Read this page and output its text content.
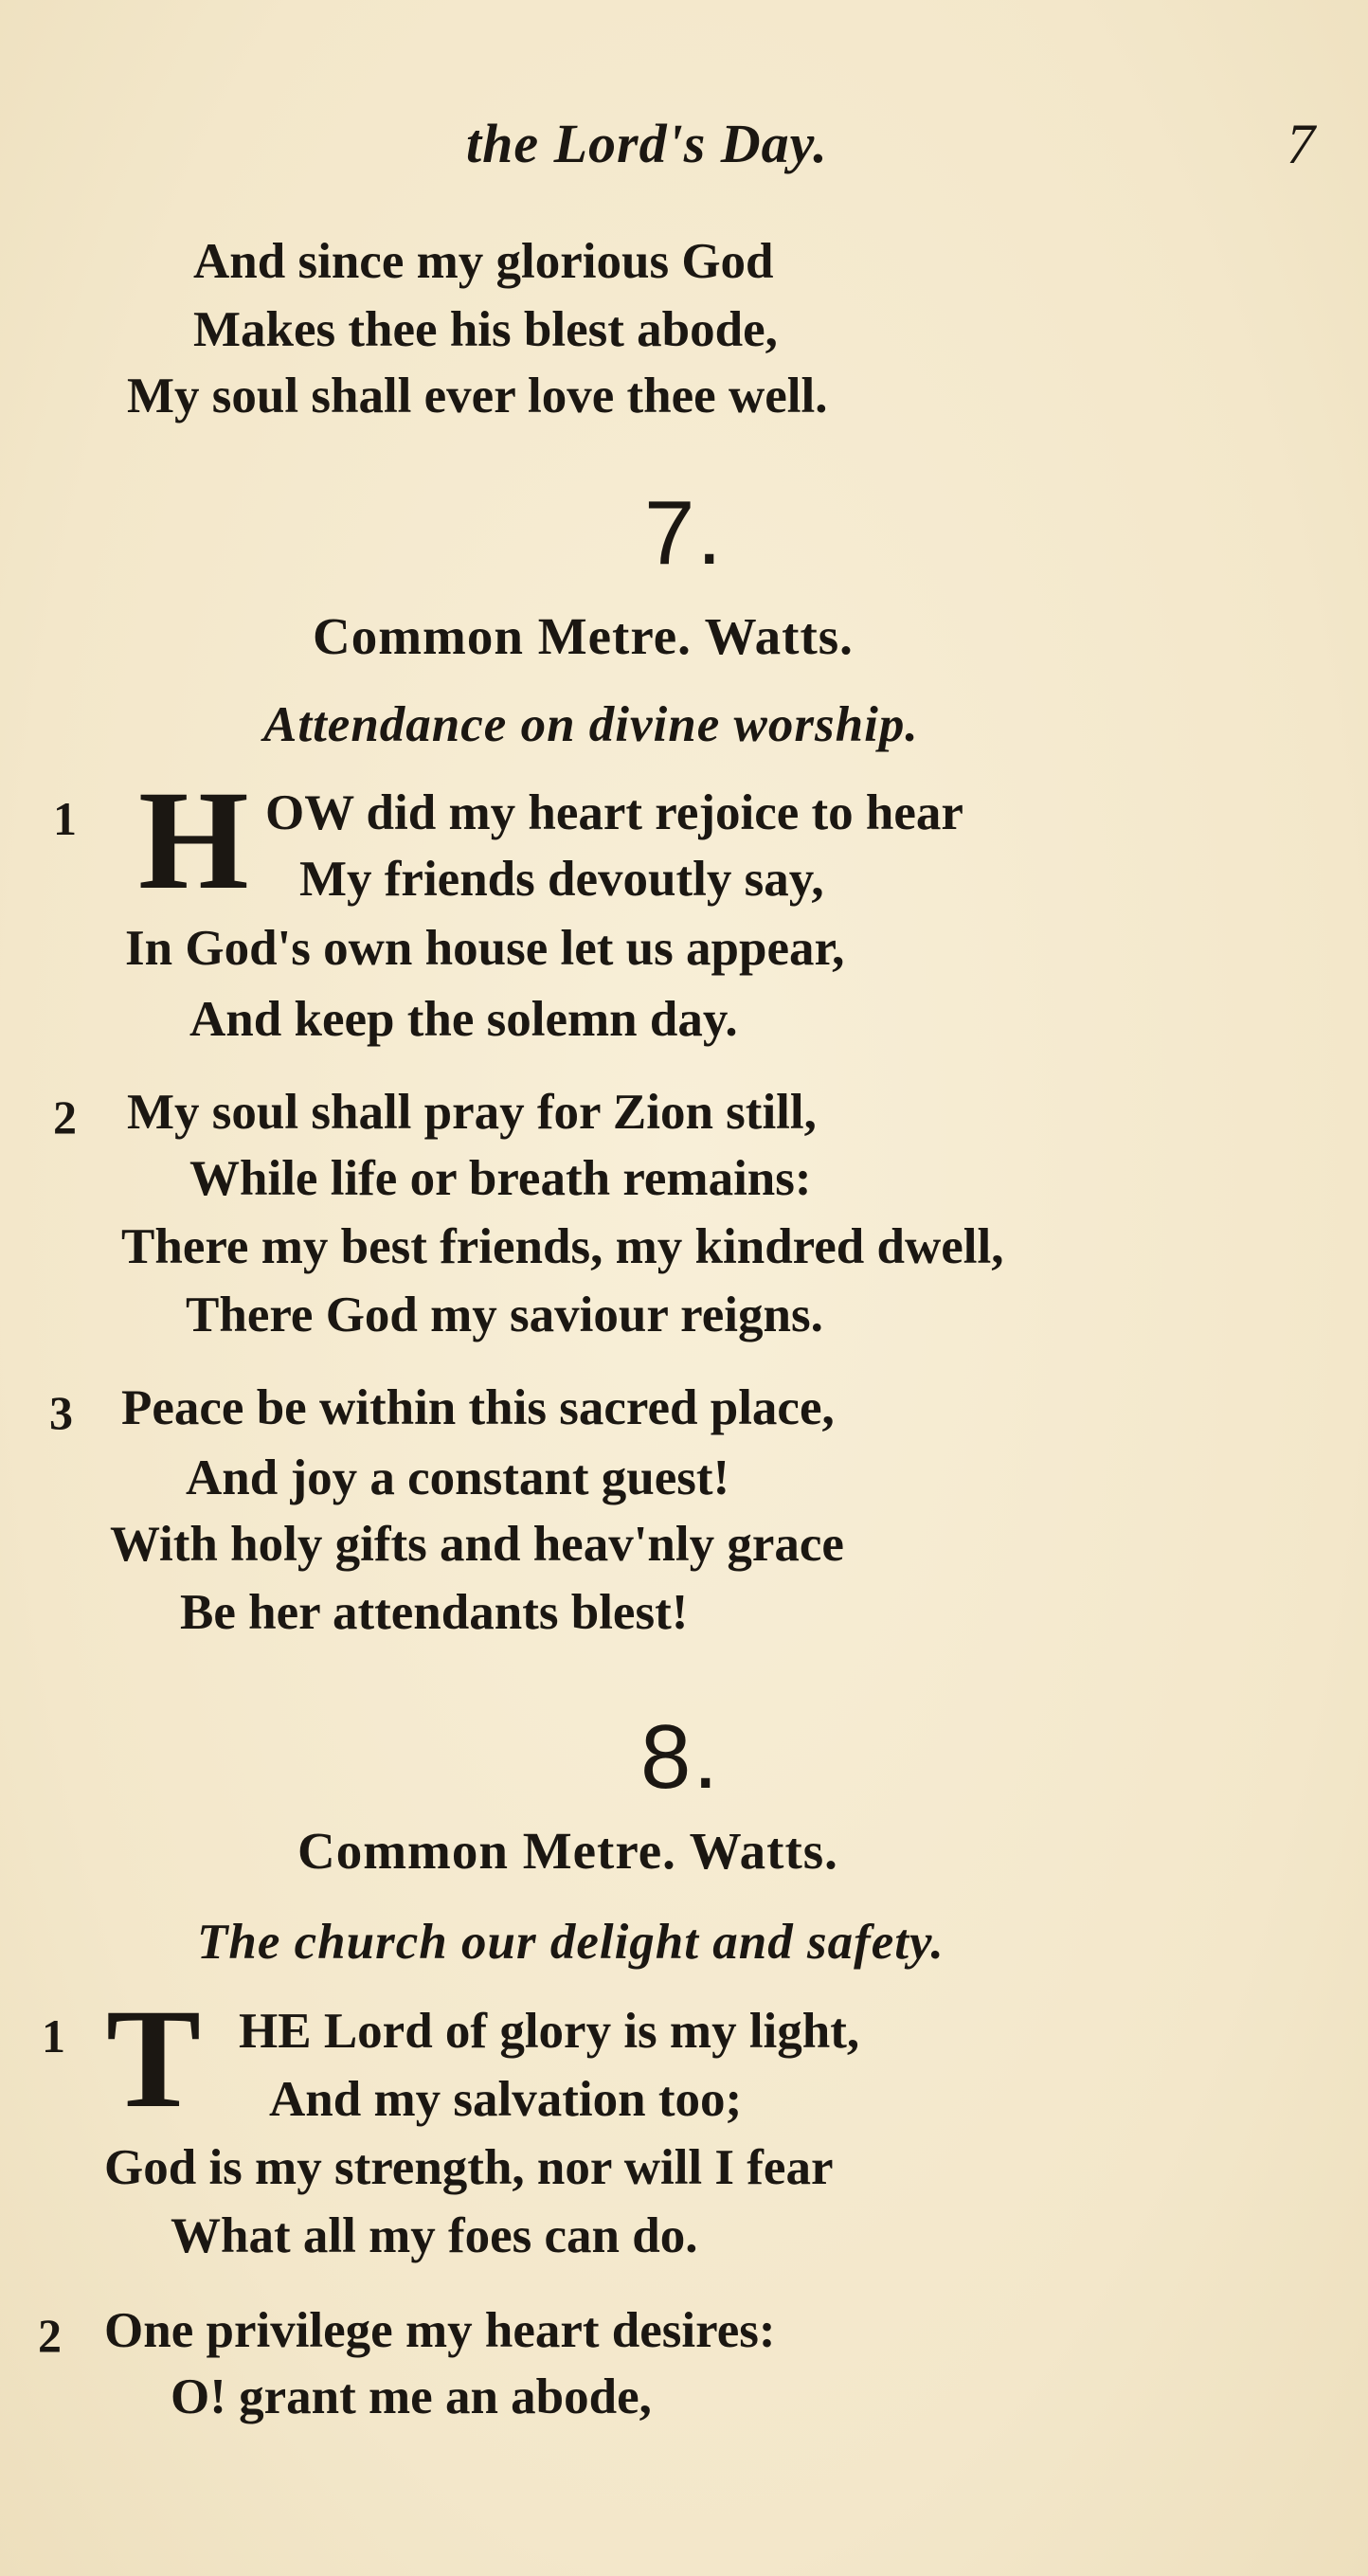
the Lord's Day.	7
And since my glorious God
Makes thee his blest abode,
My soul shall ever love thee well.
7.
Common Metre. Watts.
Attendance on divine worship.
1 H OW did my heart rejoice to hear
My friends devoutly say,
In God's own house let us appear,
And keep the solemn day.
2 My soul shall pray for Zion still,
While life or breath remains:
There my best friends, my kindred dwell,
There God my saviour reigns.
3 Peace be within this sacred place,
And joy a constant guest!
With holy gifts and heav'nly grace
Be her attendants blest!
8.
Common Metre. Watts.
The church our delight and safety.
1 T HE Lord of glory is my light,
And my salvation too;
God is my strength, nor will I fear
What all my foes can do.
2 One privilege my heart desires:
O! grant me an abode,
